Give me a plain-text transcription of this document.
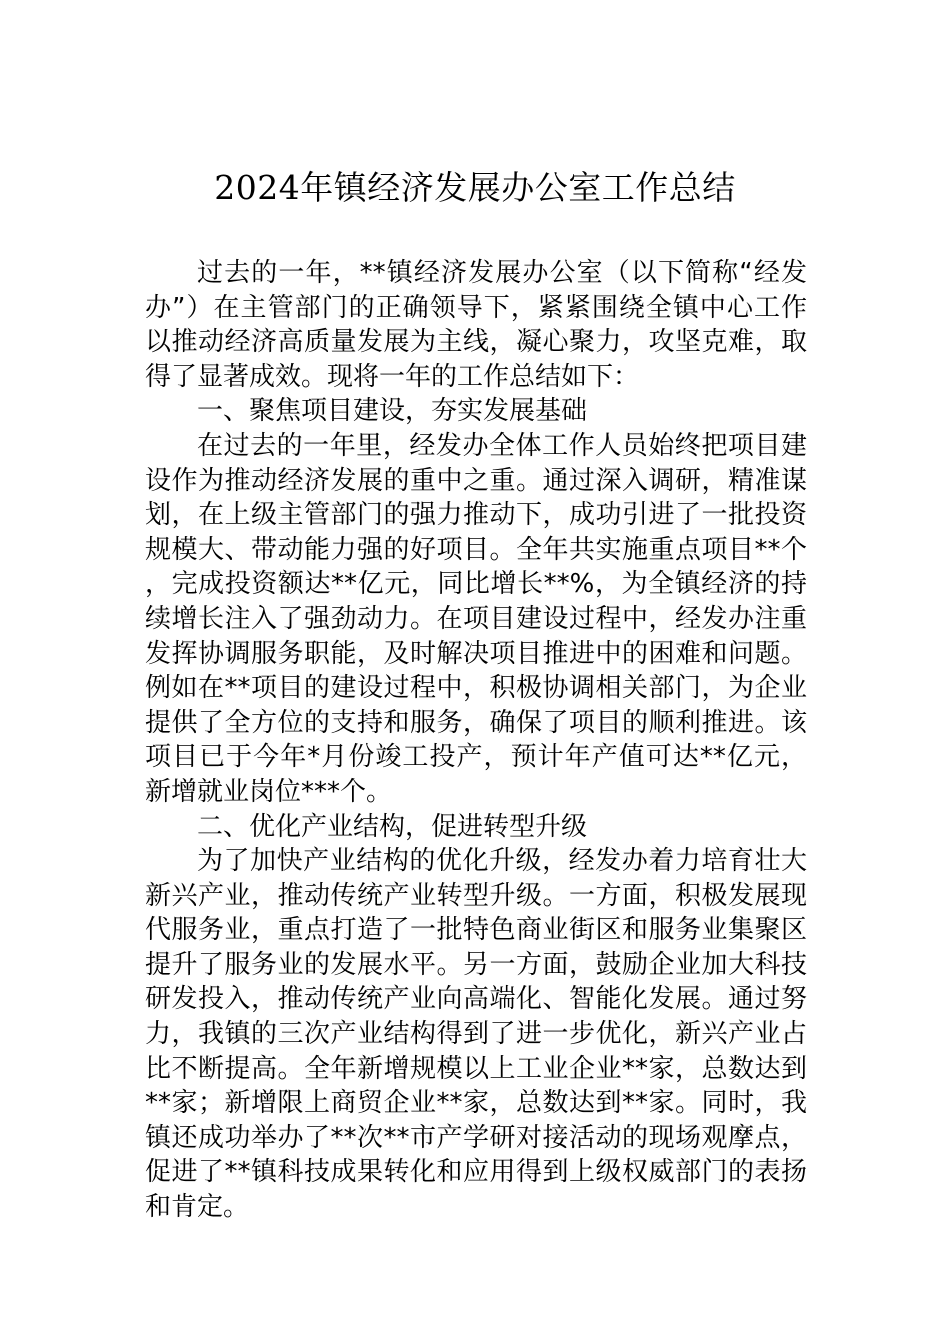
2024年镇经济发展办公室工作总结

过去的一年，**镇经济发展办公室（以下简称“经发办”）在主管部门的正确领导下，紧紧围绕全镇中心工作以推动经济高质量发展为主线，凝心聚力，攻坚克难，取得了显著成效。现将一年的工作总结如下：

一、聚焦项目建设，夯实发展基础

在过去的一年里，经发办全体工作人员始终把项目建设作为推动经济发展的重中之重。通过深入调研，精准谋划，在上级主管部门的强力推动下，成功引进了一批投资规模大、带动能力强的好项目。全年共实施重点项目**个，完成投资额达**亿元，同比增长**%，为全镇经济的持续增长注入了强劲动力。在项目建设过程中，经发办注重发挥协调服务职能，及时解决项目推进中的困难和问题。例如在**项目的建设过程中，积极协调相关部门，为企业提供了全方位的支持和服务，确保了项目的顺利推进。该项目已于今年*月份竣工投产，预计年产值可达**亿元，新增就业岗位***个。

二、优化产业结构，促进转型升级

为了加快产业结构的优化升级，经发办着力培育壮大新兴产业，推动传统产业转型升级。一方面，积极发展现代服务业，重点打造了一批特色商业街区和服务业集聚区提升了服务业的发展水平。另一方面，鼓励企业加大科技研发投入，推动传统产业向高端化、智能化发展。通过努力，我镇的三次产业结构得到了进一步优化，新兴产业占比不断提高。全年新增规模以上工业企业**家，总数达到**家；新增限上商贸企业**家，总数达到**家。同时，我镇还成功举办了**次**市产学研对接活动的现场观摩点，促进了**镇科技成果转化和应用得到上级权威部门的表扬和肯定。
